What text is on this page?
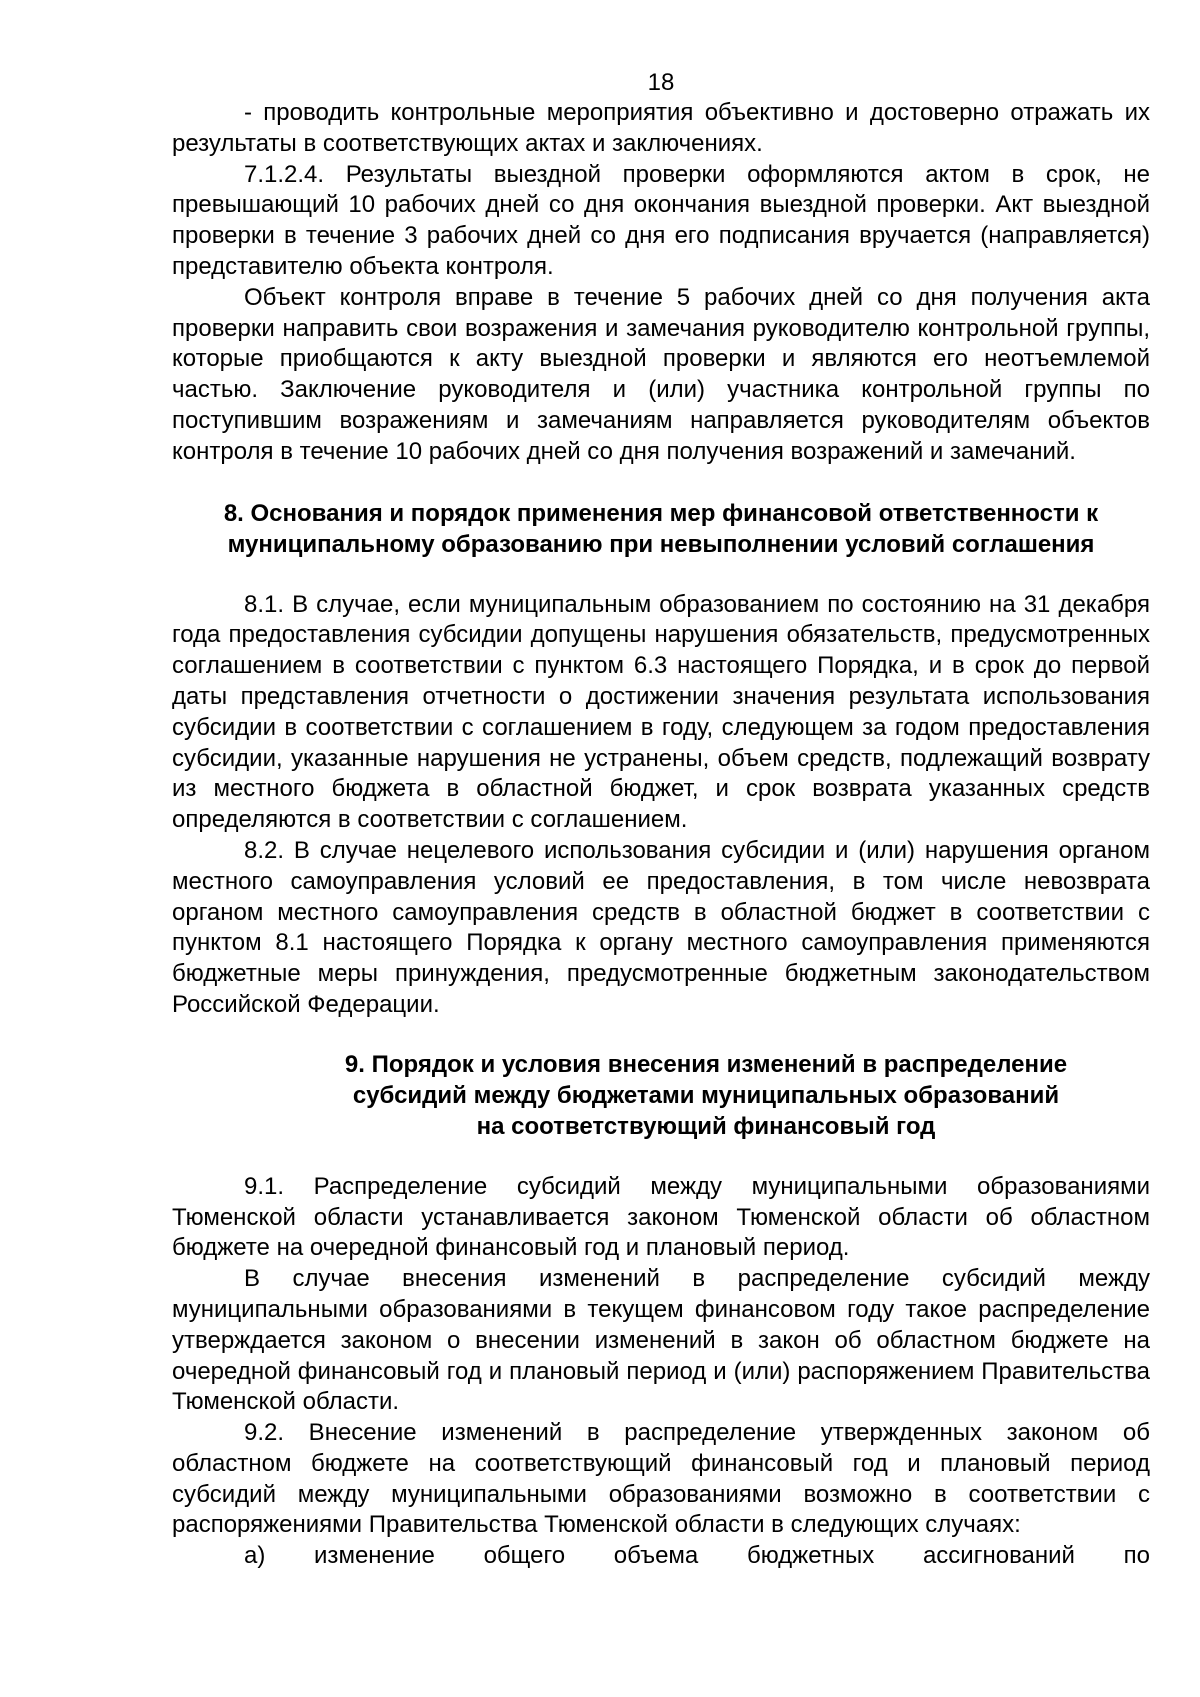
18

- проводить контрольные мероприятия объективно и достоверно отражать их результаты в соответствующих актах и заключениях.

7.1.2.4. Результаты выездной проверки оформляются актом в срок, не превышающий 10 рабочих дней со дня окончания выездной проверки. Акт выездной проверки в течение 3 рабочих дней со дня его подписания вручается (направляется) представителю объекта контроля.

Объект контроля вправе в течение 5 рабочих дней со дня получения акта проверки направить свои возражения и замечания руководителю контрольной группы, которые приобщаются к акту выездной проверки и являются его неотъемлемой частью. Заключение руководителя и (или) участника контрольной группы по поступившим возражениям и замечаниям направляется руководителям объектов контроля в течение 10 рабочих дней со дня получения возражений и замечаний.

8. Основания и порядок применения мер финансовой ответственности к
муниципальному образованию при невыполнении условий соглашения

8.1. В случае, если муниципальным образованием по состоянию на 31 декабря года предоставления субсидии допущены нарушения обязательств, предусмотренных соглашением в соответствии с пунктом 6.3 настоящего Порядка, и в срок до первой даты представления отчетности о достижении значения результата использования субсидии в соответствии с соглашением в году, следующем за годом предоставления субсидии, указанные нарушения не устранены, объем средств, подлежащий возврату из местного бюджета в областной бюджет, и срок возврата указанных средств определяются в соответствии с соглашением.

8.2. В случае нецелевого использования субсидии и (или) нарушения органом местного самоуправления условий ее предоставления, в том числе невозврата органом местного самоуправления средств в областной бюджет в соответствии с пунктом 8.1 настоящего Порядка к органу местного самоуправления применяются бюджетные меры принуждения, предусмотренные бюджетным законодательством Российской Федерации.

9. Порядок и условия внесения изменений в распределение
субсидий между бюджетами муниципальных образований
на соответствующий финансовый год

9.1. Распределение субсидий между муниципальными образованиями Тюменской области устанавливается законом Тюменской области об областном бюджете на очередной финансовый год и плановый период.

В случае внесения изменений в распределение субсидий между муниципальными образованиями в текущем финансовом году такое распределение утверждается законом о внесении изменений в закон об областном бюджете на очередной финансовый год и плановый период и (или) распоряжением Правительства Тюменской области.

9.2. Внесение изменений в распределение утвержденных законом об областном бюджете на соответствующий финансовый год и плановый период субсидий между муниципальными образованиями возможно в соответствии с распоряжениями Правительства Тюменской области в следующих случаях:

а) изменение общего объема бюджетных ассигнований по
